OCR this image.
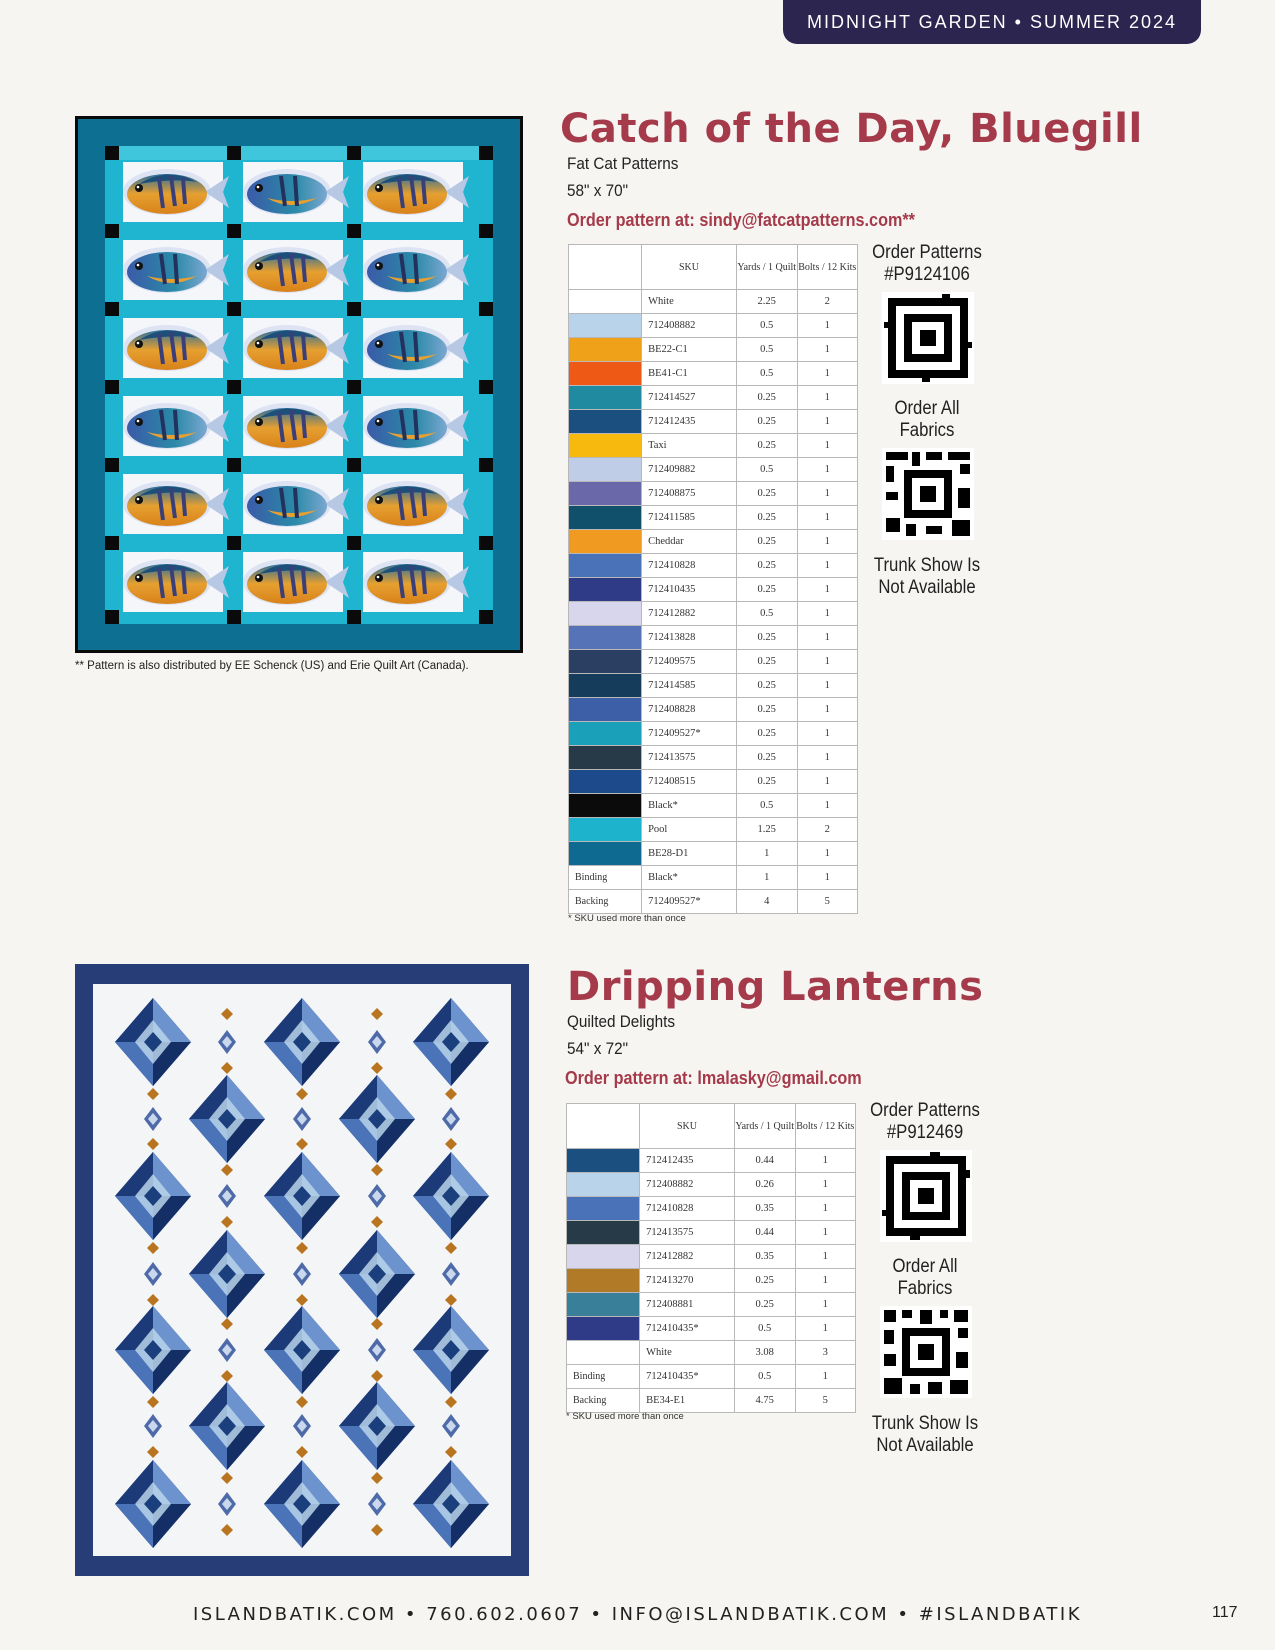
MIDNIGHT GARDEN • SUMMER 2024
** Pattern is also distributed by EE Schenck (US) and Erie Quilt Art (Canada).
Catch of the Day, Bluegill
Fat Cat Patterns
58" x 70"
Order pattern at: sindy@fatcatpatterns.com**
	SKU	Yards / 1 Quilt	Bolts / 12 Kits
	White	2.25	2
	712408882	0.5	1
	BE22-C1	0.5	1
	BE41-C1	0.5	1
	712414527	0.25	1
	712412435	0.25	1
	Taxi	0.25	1
	712409882	0.5	1
	712408875	0.25	1
	712411585	0.25	1
	Cheddar	0.25	1
	712410828	0.25	1
	712410435	0.25	1
	712412882	0.5	1
	712413828	0.25	1
	712409575	0.25	1
	712414585	0.25	1
	712408828	0.25	1
	712409527*	0.25	1
	712413575	0.25	1
	712408515	0.25	1
	Black*	0.5	1
	Pool	1.25	2
	BE28-D1	1	1
Binding	Black*	1	1
Backing	712409527*	4	5
* SKU used more than once
Order Patterns #P9124106
Order All Fabrics
Trunk Show Is Not Available
Dripping Lanterns
Quilted Delights
54" x 72"
Order pattern at: lmalasky@gmail.com
	SKU	Yards / 1 Quilt	Bolts / 12 Kits
	712412435	0.44	1
	712408882	0.26	1
	712410828	0.35	1
	712413575	0.44	1
	712412882	0.35	1
	712413270	0.25	1
	712408881	0.25	1
	712410435*	0.5	1
	White	3.08	3
Binding	712410435*	0.5	1
Backing	BE34-E1	4.75	5
* SKU used more than once
Order Patterns #P912469
Order All Fabrics
Trunk Show Is Not Available
ISLANDBATIK.COM • 760.602.0607 • INFO@ISLANDBATIK.COM • #ISLANDBATIK	117
